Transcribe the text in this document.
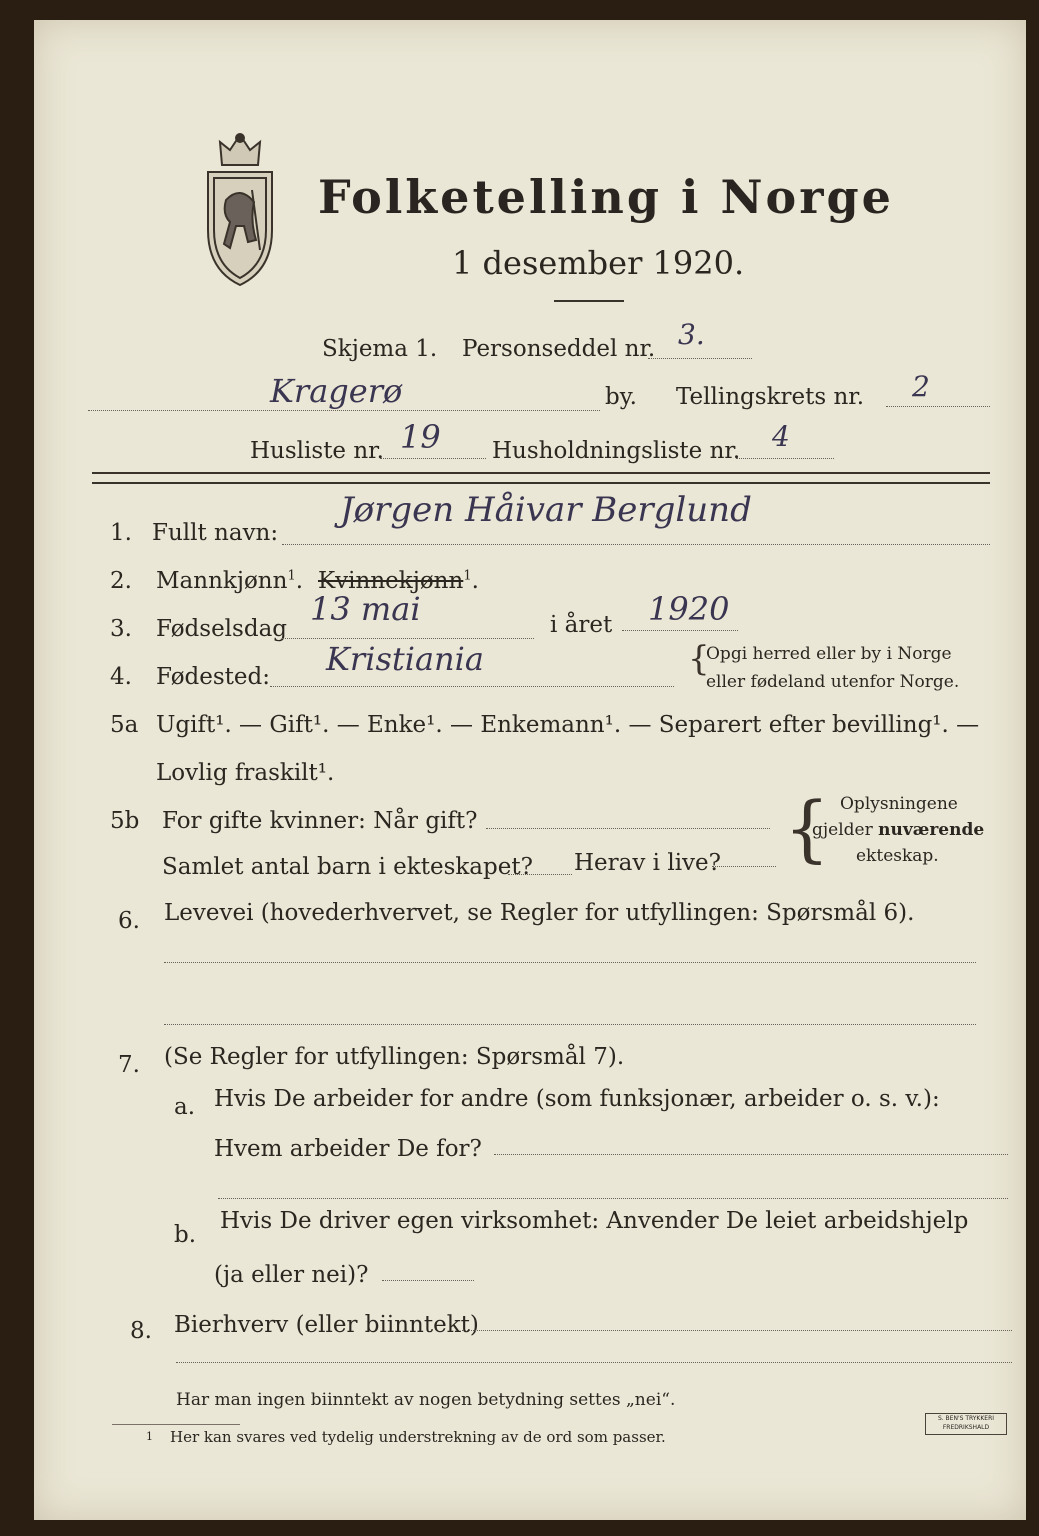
Folketelling i Norge
1 desember 1920.
Skjema 1. Personseddel nr. 3.
Kragerø	by. Tellingskrets nr. 2
Husliste nr. 19 Husholdningsliste nr. 4
1. Fullt navn:
Jørgen Håivar Berglund
2. Mannkjønn$^1$. Kvinnekjønn$^1$.
3. Fødselsdag
13 mai	i året 1920
4. Fødested: Kristiania	{
Opgi herred eller by i Norge
eller fødeland utenfor Norge.
5a Ugift¹. — Gift¹. — Enke¹. — Enkemann¹. — Separert efter bevilling¹. —
Lovlig fraskilt¹.
5b For gifte kvinner: Når gift?
Samlet antal barn i ekteskapet? Herav i live? { Oplysningene
gjelder nuværende
ekteskap.
6. Levevei (hovederhvervet, se Regler for utfyllingen: Spørsmål 6).
7. (Se Regler for utfyllingen: Spørsmål 7).
a. Hvis De arbeider for andre (som funksjonær, arbeider o. s. v.):
Hvem arbeider De for?
b.
Hvis De driver egen virksomhet: Anvender De leiet arbeidshjelp
(ja eller nei)?
8. Bierhverv (eller biinntekt)
Har man ingen biinntekt av nogen betydning settes „nei“.
1 Her kan svares ved tydelig understrekning av de ord som passer.
S. BEN'S TRYKKERI
FREDRIKSHALD
